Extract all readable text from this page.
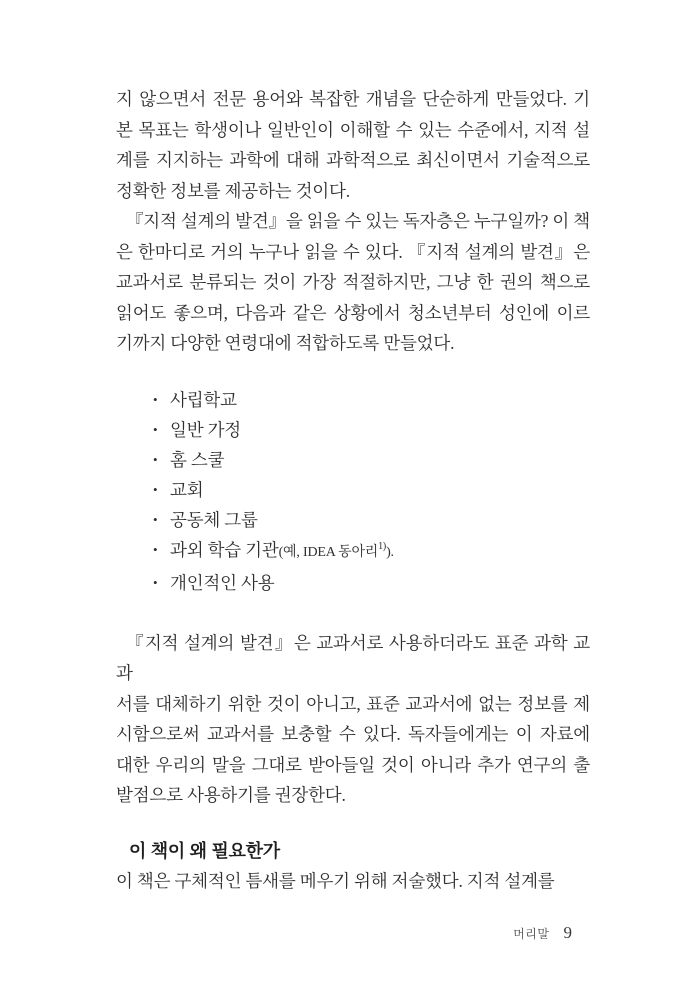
지 않으면서 전문 용어와 복잡한 개념을 단순하게 만들었다. 기
본 목표는 학생이나 일반인이 이해할 수 있는 수준에서, 지적 설
계를 지지하는 과학에 대해 과학적으로 최신이면서 기술적으로
정확한 정보를 제공하는 것이다.
『지적 설계의 발견』을 읽을 수 있는 독자층은 누구일까? 이 책
은 한마디로 거의 누구나 읽을 수 있다. 『지적 설계의 발견』은
교과서로 분류되는 것이 가장 적절하지만, 그냥 한 권의 책으로
읽어도 좋으며, 다음과 같은 상황에서 청소년부터 성인에 이르
기까지 다양한 연령대에 적합하도록 만들었다.
• 사립학교
• 일반 가정
• 홈 스쿨
• 교회
• 공동체 그룹
• 과외 학습 기관(예, IDEA 동아리$^{1)}$).
• 개인적인 사용
『지적 설계의 발견』은 교과서로 사용하더라도 표준 과학 교과
서를 대체하기 위한 것이 아니고, 표준 교과서에 없는 정보를 제
시함으로써 교과서를 보충할 수 있다. 독자들에게는 이 자료에
대한 우리의 말을 그대로 받아들일 것이 아니라 추가 연구의 출
발점으로 사용하기를 권장한다.
이 책이 왜 필요한가
이 책은 구체적인 틈새를 메우기 위해 저술했다. 지적 설계를
머리말 9
